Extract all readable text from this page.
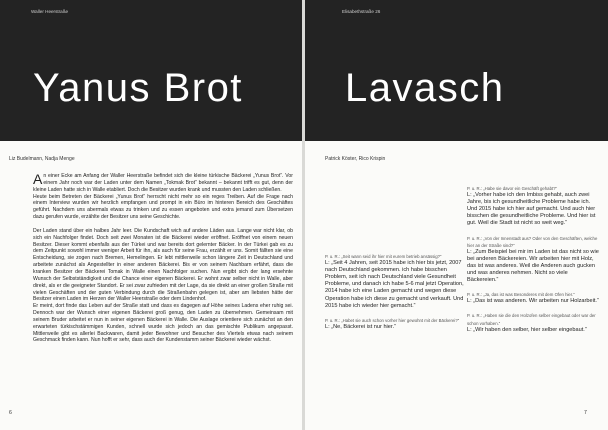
Waller Heerstraße
Yanus Brot
Liz Budelmann, Nadja Menge

An einer Ecke am Anfang der Waller Heerstraße befindet sich die kleine türkische Bäckerei „Yunus Brot“. Vor einem Jahr noch war der Laden unter dem Namen „Tokmak Brot“ bekannt – bekannt trifft es gut, denn der kleine Laden hatte sich in Walle etabliert. Doch die Besitzer wurden krank und mussten den Laden schließen.

Heute beim Betreten der Bäckerei „Yunus Brot“ herrscht nicht mehr so ein reges Treiben. Auf die Frage nach einem Interview wurden wir herzlich empfangen und prompt in ein Büro im hinteren Bereich des Geschäftes geführt. Nachdem uns abermals etwas zu trinken und zu essen angeboten und extra jemand zum Übersetzen dazu gerufen wurde, erzählte der Besitzer uns seine Geschichte.

Der Laden stand über ein halbes Jahr leer. Die Kundschaft wich auf andere Läden aus. Lange war nicht klar, ob sich ein Nachfolger findet. Doch seit zwei Monaten ist die Bäckerei wieder eröffnet. Eröffnet von einem neuen Besitzer. Dieser kommt ebenfalls aus der Türkei und war bereits dort gelernter Bäcker. In der Türkei gab es zu dem Zeitpunkt sowohl immer weniger Arbeit für ihn, als auch für seine Frau, erzählt er uns. Somit fällten sie eine Entscheidung, sie zogen nach Bremen, Hemelingen. Er lebt mittlerweile schon längere Zeit in Deutschland und arbeitete zunächst als Angestellter in einer anderen Bäckerei. Bis er von seinem Nachbarn erfährt, dass die kranken Besitzer der Bäckerei Tomak in Walle einen Nachfolger suchen. Nun ergibt sich der lang ersehnte Wunsch der Selbstständigkeit und die Chance einer eigenen Bäckerei. Er wohnt zwar selber nicht in Walle, aber direkt, als er die geeigneter Standort. Er sei zwar zufrieden mit der Lage, da sie direkt an einer großen Straße mit vielen Geschäften und der guten Verbindung durch die Straßenbahn gelegen ist, aber am liebsten hätte der Besitzer einen Laden im Herzen der Waller Heerstraße oder dem Lindenhof.

Er meint, dort finde das Leben auf der Straße statt und dass es dagegen auf Höhe seines Ladens eher ruhig sei. Dennoch war der Wunsch einer eigenen Bäckerei groß genug, den Laden zu übernehmen. Gemeinsam mit seinem Bruder arbeitet er nun in seiner eigenen Bäckerei in Walle. Die Auslage orientiere sich zunächst an den erwarteten türkischstämmigen Kunden, schnell wurde sich jedoch an das gemischte Publikum angepasst. Mittlerweile gibt es allerlei Backwaren, damit jeder Bewohner und Besucher des Viertels etwas nach seinem Geschmack finden kann. Nun hofft er sehr, dass auch der Kundenstamm seiner Bäckerei wieder wächst.

6
Elisabethstraße 26
Lavasch
Patrick Köster, Rico Krispin
P. u. R.: „Seit wann seid ihr hier mit eurem betrieb ansässig?“
L: „Seit 4 Jahren, seit 2015 habe ich hier bis jetzt, 2007 nach Deutschland gekommen. ich habe bisschen Problem, seit ich nach Deutschland viele Gesundheit Probleme, und danach ich habe 5-6 mal jetzt Operation, 2014 habe ich eine Laden gemacht und wegen diese Operation habe ich diese zu gemacht und verkauft. Und 2015 habe ich wieder hier gemacht.“
P. u. R.: „Habet sie auch schon vorher hier gewohnt mit der Bäckerei?“
L: „Ne, Bäckerei ist nur hier.“
P. u. R.: „Habe sie davor ein Geschäft gehabt?“
L: „Vorher habe ich den Imbiss gehabt, auch zwei Jahre, bis ich gesundheitliche Probleme habe ich. Und 2015 habe ich hier auf gemacht. Und auch hier bisschen die gesundheitliche Probleme. Und hier ist gut. Weil die Stadt ist nicht so weit weg.“
P. u. R.: „Von der Innenstadt aus? Oder von den Geschäften, welche hier an der Straße sind?“
L: „Zum Beispiel bei mir im Laden ist das nicht so wie bei anderen Bäckereien. Wir arbeiten hier mit Holz, das ist was anderes. Weil die Anderen auch gucken und was anderes nehmen. Nicht so viele Bäckereien.“
P. u. R.: „Ja, das ist was Besonderes mit dem Ofen hier.“
L: „Das ist was anderen. Wir arbeiten nur Holzarbeit.“
P. u. R.: „Haben sie die den Holzofen selber eingebaut oder war der schon vorhaben.“
L: „Wir haben den selber, hier selber eingebaut.“
7
